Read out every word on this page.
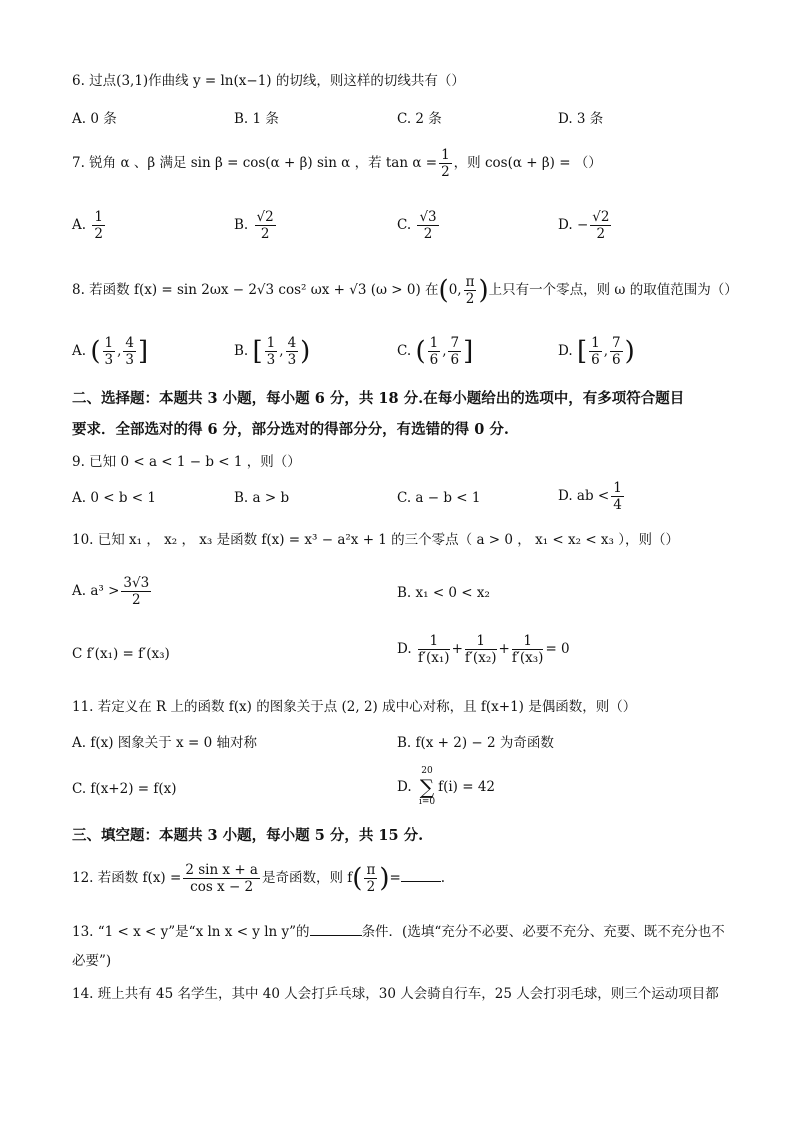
6. 过点(3,1)作曲线 y = ln(x−1) 的切线，则这样的切线共有（）
A. 0 条	B. 1 条	C. 2 条	D. 3 条
7. 锐角 α 、β 满足 sin β = cos(α + β) sin α ，若 $\tan \alpha = \frac{1}{2}$ ，则 cos(α + β) = （）
A. $\frac{1}{2}$	B. $\frac{√2}{2}$	C. $\frac{√3}{2}$	D. − $\frac{√2}{2}$
8. 若函数 f(x) = sin 2ωx − 2√3 cos² ωx + √3 (ω > 0) 在(0, $\frac{\pi}{2}$ )上只有一个零点，则 ω 的取值范围为（）
A. ( $\frac{1}{3}$ , $\frac{4}{3}$ ]	B. [ $\frac{1}{3}$ , $\frac{4}{3}$ )	C. ( $\frac{1}{6}$ , $\frac{7}{6}$ ]	D. [ $\frac{1}{6}$ , $\frac{7}{6}$ )
二、选择题：本题共 3 小题，每小题 6 分，共 18 分.在每小题给出的选项中，有多项符合题目
要求．全部选对的得 6 分，部分选对的得部分分，有选错的得 0 分.
9. 已知 0 < a < 1 − b < 1 ，则（）
A. 0 < b < 1	B. a > b	C. a − b < 1	D. ab < $\frac{1}{4}$
10. 已知 x₁ ， x₂ ， x₃ 是函数 f(x) = x³ − a²x + 1 的三个零点（ a > 0 ， x₁ < x₂ < x₃ ），则（）
A. $a^3 > \frac{3√3}{2}$	B. x₁ < 0 < x₂
C f′(x₁) = f′(x₃)	D. $\frac{1}{\text{f′(x₁)}} + \frac{1}{\text{f′(x₂)}} + \frac{1}{\text{f′(x₃)}} = 0$
11. 若定义在 R 上的函数 f(x) 的图象关于点 (2, 2) 成中心对称，且 f(x+1) 是偶函数，则（）
A. f(x) 图象关于 x = 0 轴对称	B. f(x + 2) − 2 为奇函数
C. f(x+2) = f(x)	D.
20
∑
i=0
f(i) = 42
三、填空题：本题共 3 小题，每小题 5 分，共 15 分.
12. 若函数 $f(x) = \frac{\text{2 sin x + a}}{\text{cos x − 2}}$ 是奇函数，则 $f( \frac{\pi}{2}$ )=	.
13. “1 < x < y”是“x ln x < y ln y”的	条件．(选填“充分不必要、必要不充分、充要、既不充分也不
必要”)
14. 班上共有 45 名学生，其中 40 人会打乒乓球，30 人会骑自行车，25 人会打羽毛球，则三个运动项目都
